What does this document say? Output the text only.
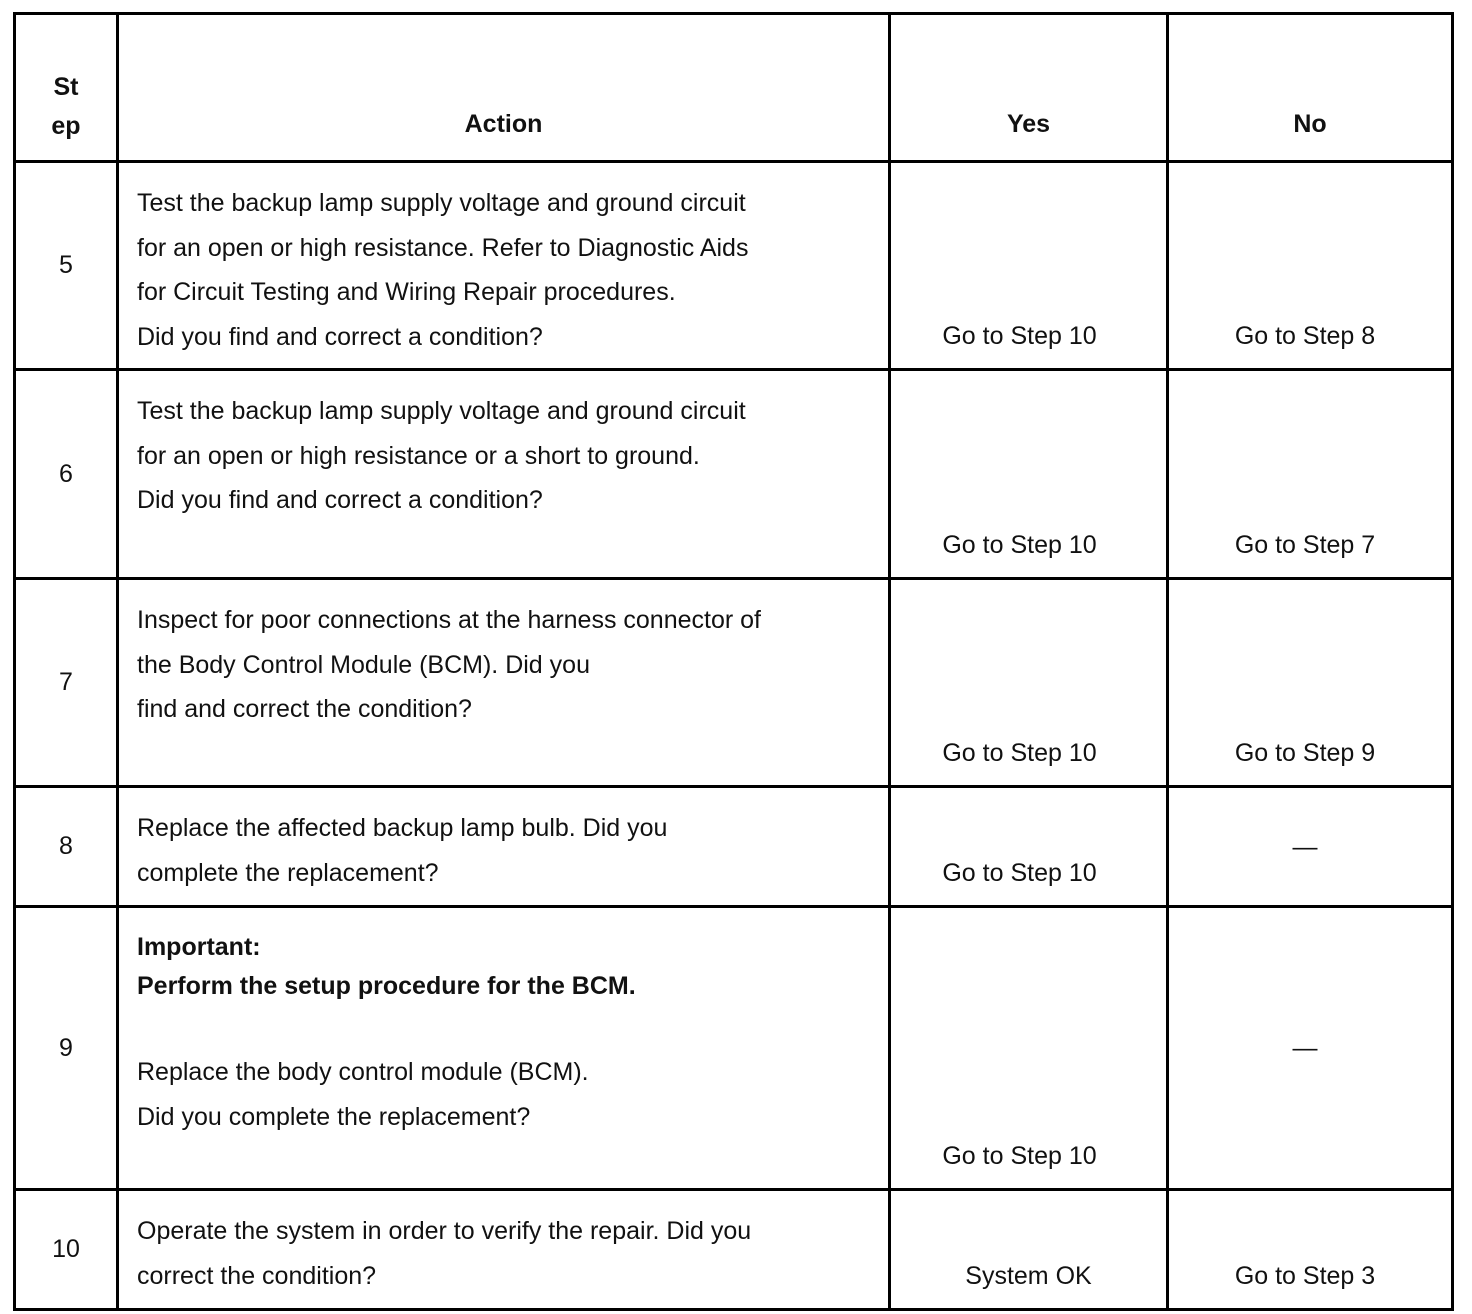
St
ep	Action	Yes	No

5	Test the backup lamp supply voltage and ground circuit
for an open or high resistance. Refer to Diagnostic Aids
for Circuit Testing and Wiring Repair procedures.
Did you find and correct a condition?	Go to Step 10	Go to Step 8

6	Test the backup lamp supply voltage and ground circuit
for an open or high resistance or a short to ground.
Did you find and correct a condition?	Go to Step 10	Go to Step 7

7	Inspect for poor connections at the harness connector of
the Body Control Module (BCM). Did you
find and correct the condition?	Go to Step 10	Go to Step 9

8	Replace the affected backup lamp bulb. Did you
complete the replacement?	Go to Step 10	—

9	Important:
Perform the setup procedure for the BCM.
Replace the body control module (BCM).
Did you complete the replacement?	Go to Step 10	—

10	Operate the system in order to verify the repair. Did you
correct the condition?	System OK	Go to Step 3
